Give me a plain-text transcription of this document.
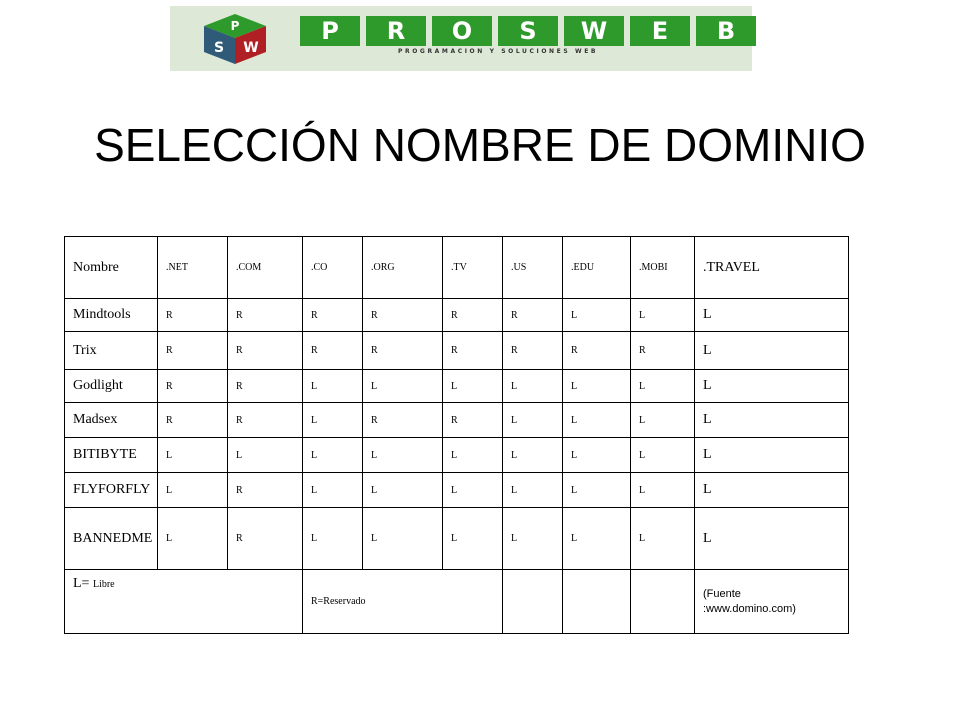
P
S W
P	R	O	S	W	E	B
PROGRAMACION Y SOLUCIONES WEB
SELECCIÓN NOMBRE DE DOMINIO
Nombre	.NET	.COM	.CO	.ORG	.TV	.US	.EDU	.MOBI	.TRAVEL
Mindtools	R	R	R	R	R	R	L	L	L
Trix	R	R	R	R	R	R	R	R	L
Godlight	R	R	L	L	L	L	L	L	L
Madsex	R	R	L	R	R	L	L	L	L
BITIBYTE	L	L	L	L	L	L	L	L	L
FLYFORFLY	L	R	L	L	L	L	L	L	L
BANNEDME	L	R	L	L	L	L	L	L	L
L= Libre			R=Reservado						(Fuente
:www.domino.com)
